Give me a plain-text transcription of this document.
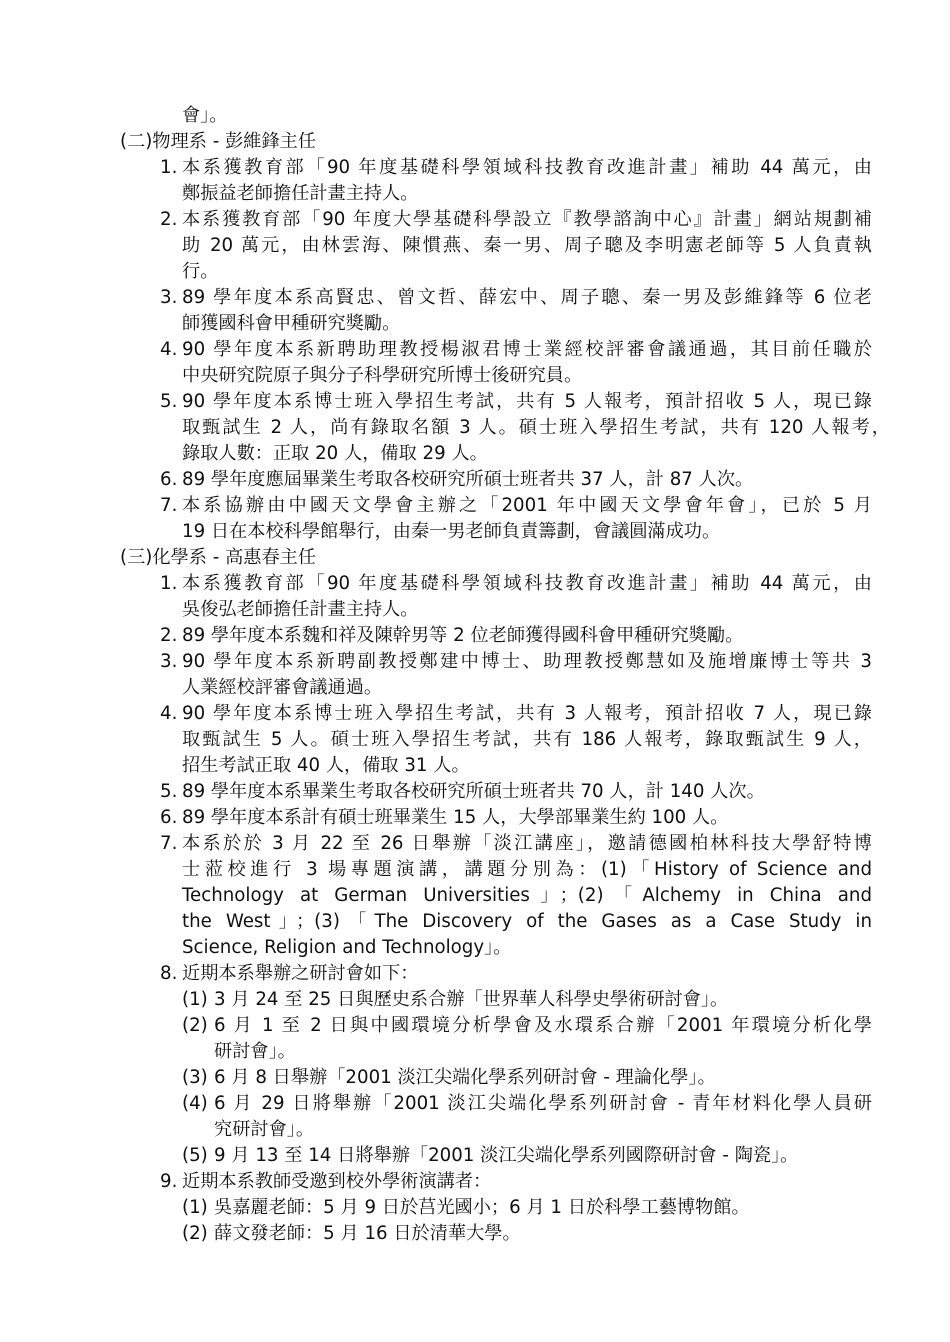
會」。
(二)物理系 - 彭維鋒主任
1. 本系獲教育部「90 年度基礎科學領域科技教育改進計畫」補助 44 萬元，由
鄭振益老師擔任計畫主持人。
2. 本系獲教育部「90 年度大學基礎科學設立『教學諮詢中心』計畫」網站規劃補
助 20 萬元，由林雲海、陳慣燕、秦一男、周子聰及李明憲老師等 5 人負責執
行。
3. 89 學年度本系高賢忠、曾文哲、薛宏中、周子聰、秦一男及彭維鋒等 6 位老
師獲國科會甲種研究獎勵。
4. 90 學年度本系新聘助理教授楊淑君博士業經校評審會議通過，其目前任職於
中央研究院原子與分子科學研究所博士後研究員。
5. 90 學年度本系博士班入學招生考試，共有 5 人報考，預計招收 5 人，現已錄
取甄試生 2 人，尚有錄取名額 3 人。碩士班入學招生考試，共有 120 人報考，
錄取人數：正取 20 人，備取 29 人。
6. 89 學年度應屆畢業生考取各校研究所碩士班者共 37 人，計 87 人次。
7. 本系協辦由中國天文學會主辦之「2001 年中國天文學會年會」，已於 5 月
19 日在本校科學館舉行，由秦一男老師負責籌劃，會議圓滿成功。
(三)化學系 - 高惠春主任
1. 本系獲教育部「90 年度基礎科學領域科技教育改進計畫」補助 44 萬元，由
吳俊弘老師擔任計畫主持人。
2. 89 學年度本系魏和祥及陳幹男等 2 位老師獲得國科會甲種研究獎勵。
3. 90 學年度本系新聘副教授鄭建中博士、助理教授鄭慧如及施增廉博士等共 3
人業經校評審會議通過。
4. 90 學年度本系博士班入學招生考試，共有 3 人報考，預計招收 7 人，現已錄
取甄試生 5 人。碩士班入學招生考試，共有 186 人報考，錄取甄試生 9 人，
招生考試正取 40 人，備取 31 人。
5. 89 學年度本系畢業生考取各校研究所碩士班者共 70 人，計 140 人次。
6. 89 學年度本系計有碩士班畢業生 15 人，大學部畢業生約 100 人。
7. 本系於於 3 月 22 至 26 日舉辦「淡江講座」，邀請德國柏林科技大學舒特博
士蒞校進行 3 場專題演講，講題分別為：(1)「History of Science and
Technology at German Universities」；(2)「Alchemy in China and
the West」；(3)「The Discovery of the Gases as a Case Study in
Science, Religion and Technology」。
8. 近期本系舉辦之研討會如下：
(1) 3 月 24 至 25 日與歷史系合辦「世界華人科學史學術研討會」。
(2) 6 月 1 至 2 日與中國環境分析學會及水環系合辦「2001 年環境分析化學
研討會」。
(3) 6 月 8 日舉辦「2001 淡江尖端化學系列研討會 - 理論化學」。
(4) 6 月 29 日將舉辦「2001 淡江尖端化學系列研討會 - 青年材料化學人員研
究研討會」。
(5) 9 月 13 至 14 日將舉辦「2001 淡江尖端化學系列國際研討會 - 陶瓷」。
9. 近期本系教師受邀到校外學術演講者：
(1) 吳嘉麗老師：5 月 9 日於莒光國小；6 月 1 日於科學工藝博物館。
(2) 薛文發老師：5 月 16 日於清華大學。
